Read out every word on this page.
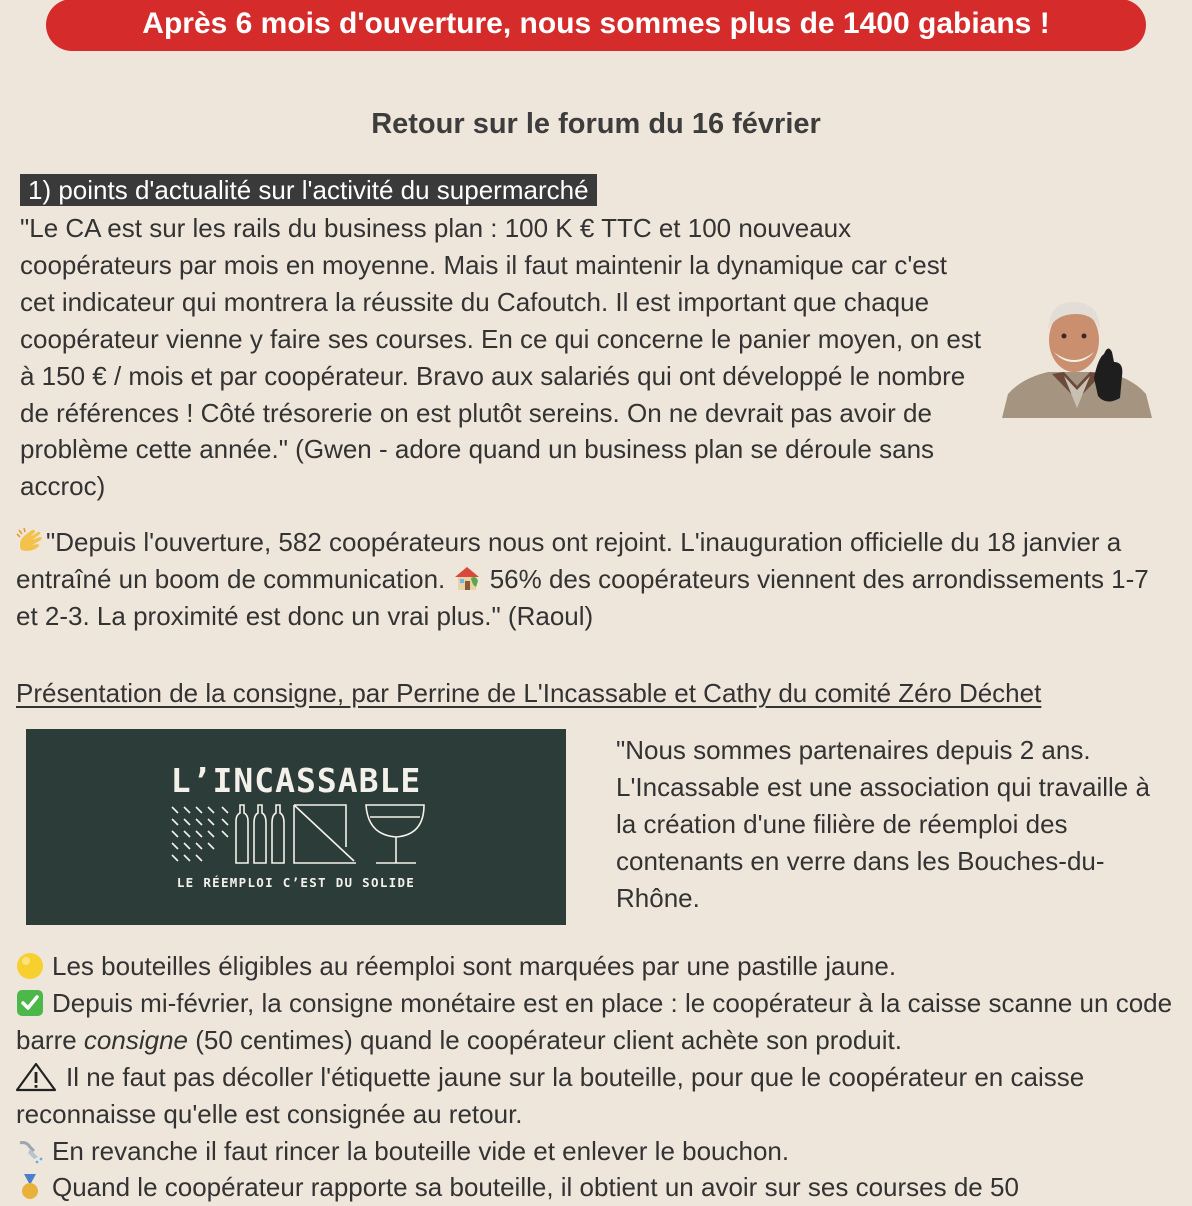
Après 6 mois d'ouverture, nous sommes plus de 1400 gabians !
Retour sur le forum du 16 février
1) points d'actualité sur l'activité du supermarché
"Le CA est sur les rails du business plan : 100 K € TTC et 100 nouveaux coopérateurs par mois en moyenne. Mais il faut maintenir la dynamique car c'est cet indicateur qui montrera la réussite du Cafoutch. Il est important que chaque coopérateur vienne y faire ses courses. En ce qui concerne le panier moyen, on est à 150 € / mois et par coopérateur. Bravo aux salariés qui ont développé le nombre de références ! Côté trésorerie on est plutôt sereins. On ne devrait pas avoir de problème cette année." (Gwen - adore quand un business plan se déroule sans accroc)
"Depuis l'ouverture, 582 coopérateurs nous ont rejoint. L'inauguration officielle du 18 janvier a entraîné un boom de communication.  56% des coopérateurs viennent des arrondissements 1-7 et 2-3. La proximité est donc un vrai plus." (Raoul)
Présentation de la consigne, par Perrine de L'Incassable et Cathy du comité Zéro Déchet
L’INCASSABLE
LE RÉEMPLOI C’EST DU SOLIDE
"Nous sommes partenaires depuis 2 ans. L'Incassable est une association qui travaille à la création d'une filière de réemploi des contenants en verre dans les Bouches-du-Rhône.
Les bouteilles éligibles au réemploi sont marquées par une pastille jaune.
Depuis mi-février, la consigne monétaire est en place : le coopérateur à la caisse scanne un code barre consigne (50 centimes) quand le coopérateur client achète son produit.
Il ne faut pas décoller l'étiquette jaune sur la bouteille, pour que le coopérateur en caisse reconnaisse qu'elle est consignée au retour.
En revanche il faut rincer la bouteille vide et enlever le bouchon.
Quand le coopérateur rapporte sa bouteille, il obtient un avoir sur ses courses de 50
